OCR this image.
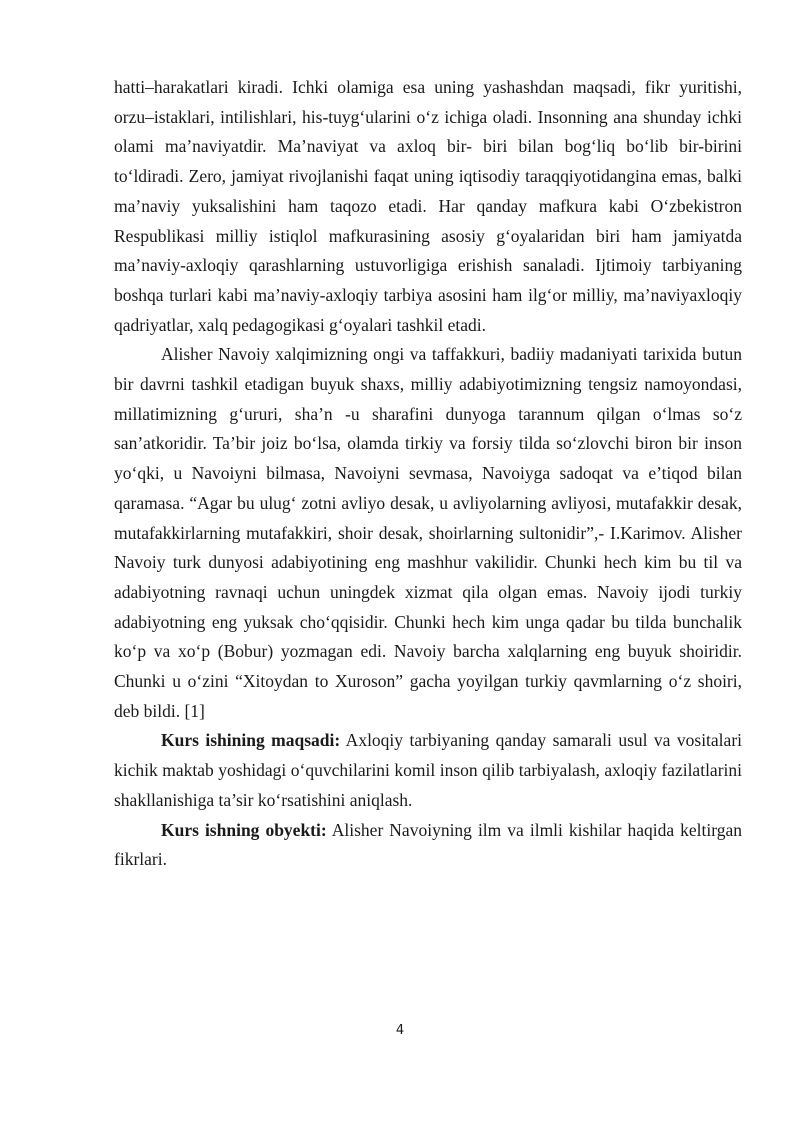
hatti–harakatlari kiradi. Ichki olamiga esa uning yashashdan maqsadi, fikr yuritishi, orzu–istaklari, intilishlari, his-tuyg‘ularini o‘z ichiga oladi. Insonning ana shunday ichki olami ma’naviyatdir. Ma’naviyat va axloq bir- biri bilan bog‘liq bo‘lib bir-birini to‘ldiradi. Zero, jamiyat rivojlanishi faqat uning iqtisodiy taraqqiyotidangina emas, balki ma’naviy yuksalishini ham taqozo etadi. Har qanday mafkura kabi O‘zbekistron Respublikasi milliy istiqlol mafkurasining asosiy g‘oyalaridan biri ham jamiyatda ma’naviy-axloqiy qarashlarning ustuvorligiga erishish sanaladi. Ijtimoiy tarbiyaning boshqa turlari kabi ma’naviy-axloqiy tarbiya asosini ham ilg‘or milliy, ma’naviyaxloqiy qadriyatlar, xalq pedagogikasi g‘oyalari tashkil etadi.

Alisher Navoiy xalqimizning ongi va taffakkuri, badiiy madaniyati tarixida butun bir davrni tashkil etadigan buyuk shaxs, milliy adabiyotimizning tengsiz namoyondasi, millatimizning g‘ururi, sha’n -u sharafini dunyoga tarannum qilgan o‘lmas so‘z san’atkoridir. Ta’bir joiz bo‘lsa, olamda tirkiy va forsiy tilda so‘zlovchi biron bir inson yo‘qki, u Navoiyni bilmasa, Navoiyni sevmasa, Navoiyga sadoqat va e’tiqod bilan qaramasa. “Agar bu ulug‘ zotni avliyo desak, u avliyolarning avliyosi, mutafakkir desak, mutafakkirlarning mutafakkiri, shoir desak, shoirlarning sultonidir”,- I.Karimov. Alisher Navoiy turk dunyosi adabiyotining eng mashhur vakilidir. Chunki hech kim bu til va adabiyotning ravnaqi uchun uningdek xizmat qila olgan emas. Navoiy ijodi turkiy adabiyotning eng yuksak cho‘qqisidir. Chunki hech kim unga qadar bu tilda bunchalik ko‘p va xo‘p (Bobur) yozmagan edi. Navoiy barcha xalqlarning eng buyuk shoiridir. Chunki u o‘zini “Xitoydan to Xuroson” gacha yoyilgan turkiy qavmlarning o‘z shoiri, deb bildi. [1]

Kurs ishining maqsadi: Axloqiy tarbiyaning qanday samarali usul va vositalari kichik maktab yoshidagi o‘quvchilarini komil inson qilib tarbiyalash, axloqiy fazilatlarini shakllanishiga ta’sir ko‘rsatishini aniqlash.

Kurs ishning obyekti: Alisher Navoiyning ilm va ilmli kishilar haqida keltirgan fikrlari.

4
